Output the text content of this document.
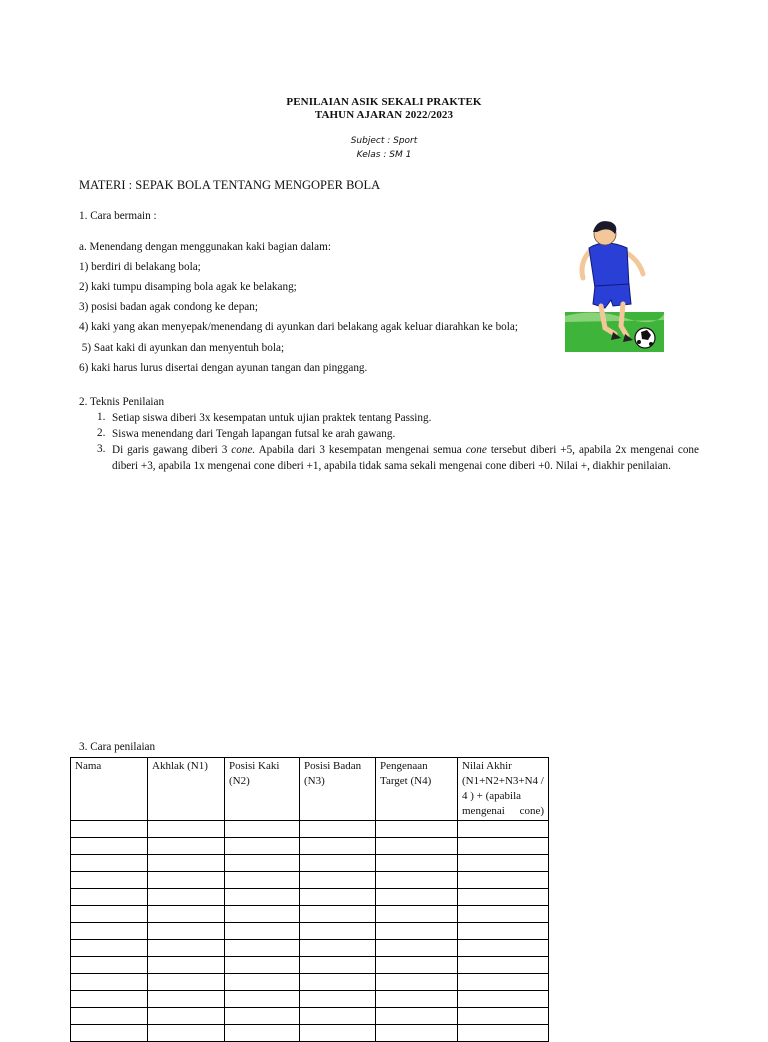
PENILAIAN ASIK SEKALI PRAKTEK
TAHUN AJARAN 2022/2023
Subject : Sport
Kelas : SM 1
MATERI : SEPAK BOLA TENTANG MENGOPER BOLA
1. Cara bermain :
a. Menendang dengan menggunakan kaki bagian dalam:
1) berdiri di belakang bola;
2) kaki tumpu disamping bola agak ke belakang;
3) posisi badan agak condong ke depan;
4) kaki yang akan menyepak/menendang di ayunkan dari belakang agak keluar diarahkan ke bola;
5) Saat kaki di ayunkan dan menyentuh bola;
6) kaki harus lurus disertai dengan ayunan tangan dan pinggang.
2. Teknis Penilaian
1. Setiap siswa diberi 3x kesempatan untuk ujian praktek tentang Passing.
2. Siswa menendang dari Tengah lapangan futsal ke arah gawang.
3. Di garis gawang diberi 3 cone. Apabila dari 3 kesempatan mengenai semua cone tersebut diberi +5, apabila 2x mengenai cone diberi +3, apabila 1x mengenai cone diberi +1, apabila tidak sama sekali mengenai cone diberi +0. Nilai +, diakhir penilaian.
3. Cara penilaian
Nama	Akhlak (N1)	Posisi Kaki (N2)	Posisi Badan (N3)	Pengenaan Target (N4)	Nilai Akhir (N1+N2+N3+N4 / 4 ) + (apabila mengenai cone)
